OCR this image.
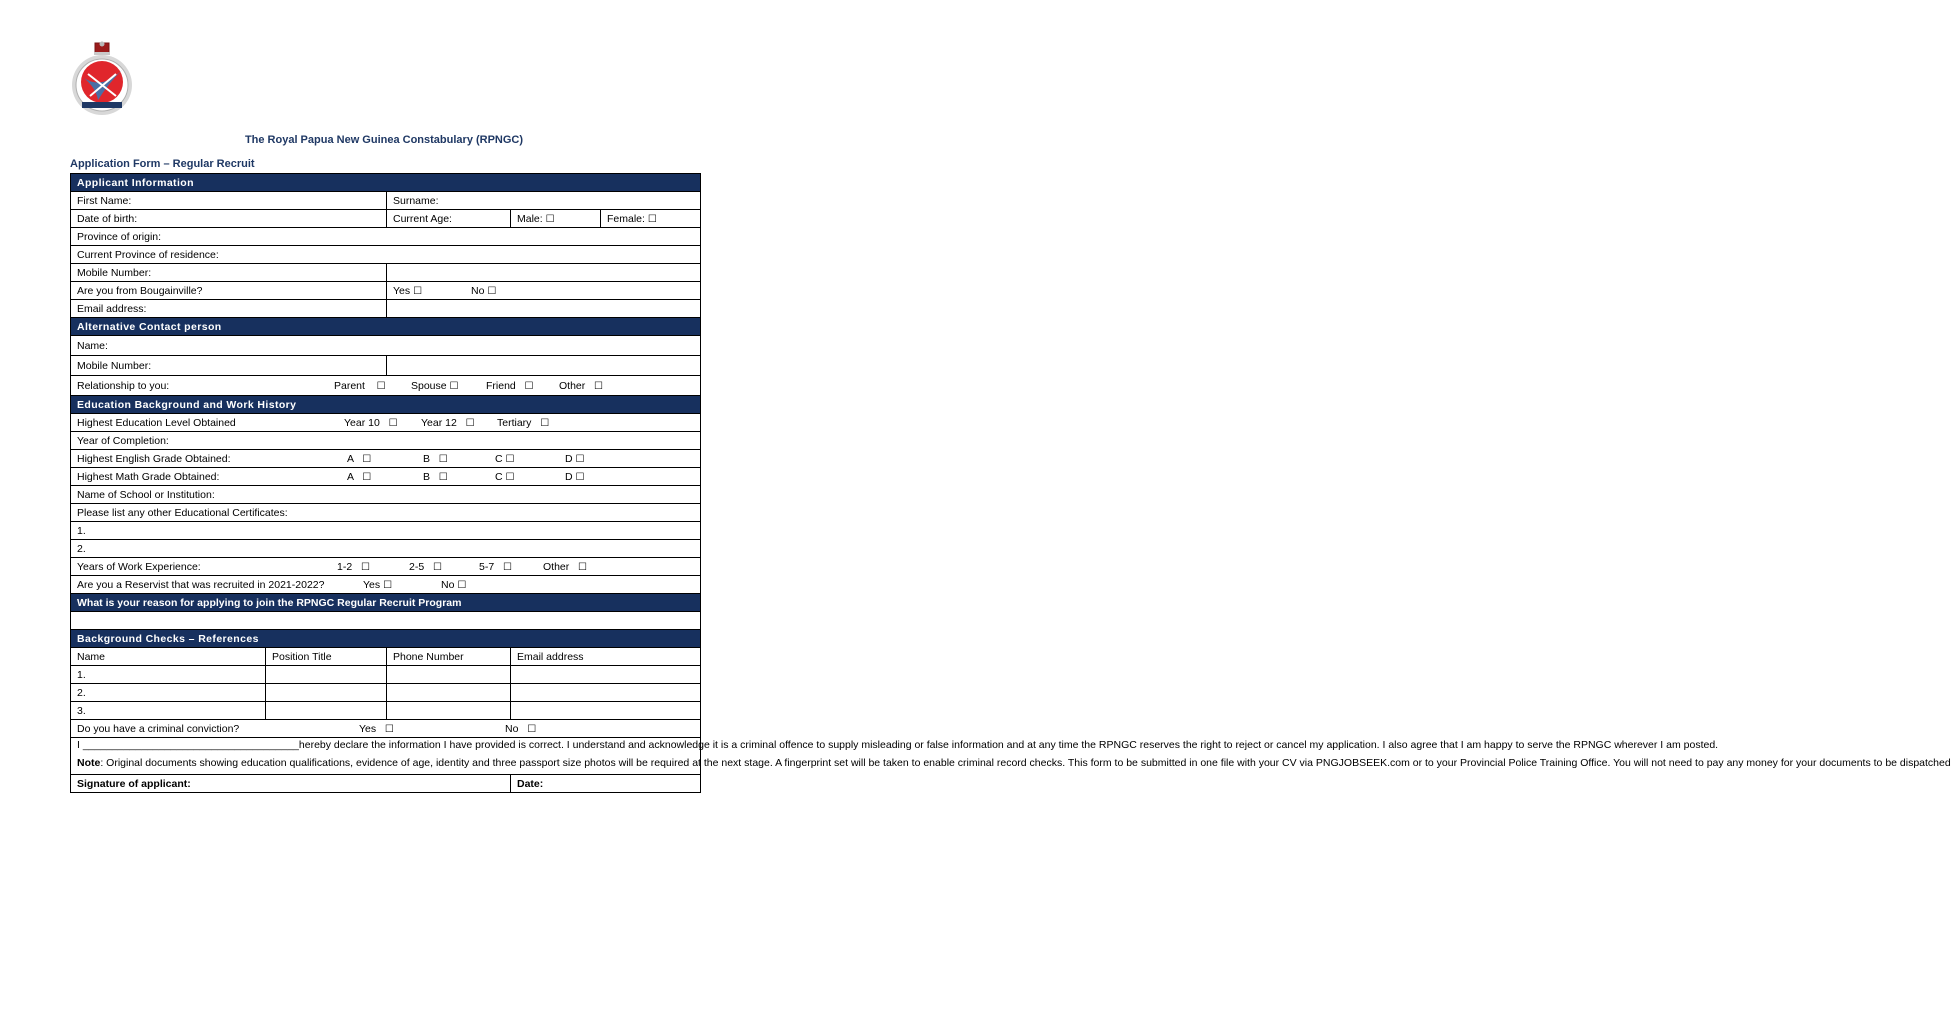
The Royal Papua New Guinea Constabulary (RPNGC)
Application Form – Regular Recruit
Applicant Information				
First Name:		Surname:		
Date of birth:		Current Age:	Male: ☐	Female: ☐
Province of origin:				
Current Province of residence:				
Mobile Number:				
Are you from Bougainville?		Yes ☐ No ☐		

Email address:				
Alternative Contact person				
Name:				
Mobile Number:				
Relationship to you: Parent ☐ Spouse ☐ Friend ☐ Other ☐				

Education Background and Work History				
Highest Education Level Obtained Year 10 ☐ Year 12 ☐ Tertiary ☐				

Year of Completion:				
Highest English Grade Obtained: A ☐ B ☐ C ☐ D ☐				

Highest Math Grade Obtained: A ☐ B ☐ C ☐ D ☐				

Name of School or Institution:				
Please list any other Educational Certificates:				
1.				
2.				
Years of Work Experience: 1-2 ☐ 2-5 ☐ 5-7 ☐ Other ☐				

Are you a Reservist that was recruited in 2021-2022? Yes ☐ No ☐				

What is your reason for applying to join the RPNGC Regular Recruit Program				

Background Checks – References				
Name	Position Title	Phone Number	Email address	
1.				
2.				
3.				
Do you have a criminal conviction? Yes ☐ No ☐				

I _____________________________________hereby declare the information I have provided is correct. I understand and acknowledge it is a criminal offence to supply misleading or false information and at any time the RPNGC reserves the right to reject or cancel my application. I also agree that I am happy to serve the RPNGC wherever I am posted.

Note: Original documents showing education qualifications, evidence of age, identity and three passport size photos will be required at the next stage. A fingerprint set will be taken to enable criminal record checks. This form to be submitted in one file with your CV via PNGJOBSEEK.com or to your Provincial Police Training Office. You will not need to pay any money for your documents to be dispatched				

Signature of applicant:			Date:	
